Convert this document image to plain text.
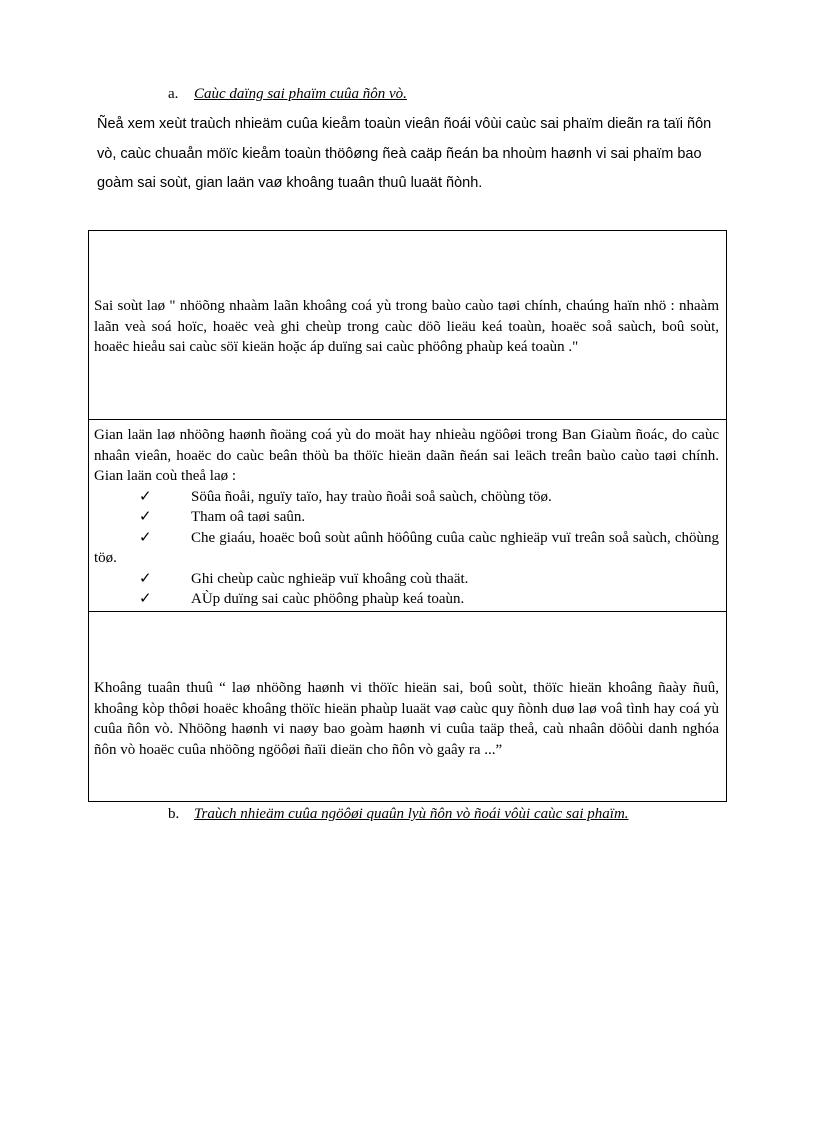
a. Caùc daïng sai phaïm cuûa ñôn vò.

Ñeå xem xeùt traùch nhieäm cuûa kieåm toaùn vieân ñoái vôùi caùc sai phaïm dieãn ra taïi ñôn vò, caùc chuaån möïc kieåm toaùn thöôøng ñeà caäp ñeán ba nhoùm haønh vi sai phaïm bao goàm sai soùt, gian laän vaø khoâng tuaân thuû luaät ñònh.

Sai soùt laø " nhöõng nhaàm laãn khoâng coá yù trong baùo caùo taøi chính, chaúng haïn nhö : nhaàm laãn veà soá hoïc, hoaëc veà ghi cheùp trong caùc döõ lieäu keá toaùn, hoaëc soå saùch, boû soùt, hoaëc hieåu sai caùc söï kieän hoặc áp duïng sai caùc phöông phaùp keá toaùn ."

Gian laän laø nhöõng haønh ñoäng coá yù do moät hay nhieàu ngöôøi trong Ban Giaùm ñoác, do caùc nhaân vieân, hoaëc do caùc beân thöù ba thöïc hieän daãn ñeán sai leäch treân baùo caùo taøi chính. Gian laän coù theå laø :
✓	Söûa ñoåi, nguïy taïo, hay traùo ñoåi soå saùch, chöùng töø.
✓	Tham oâ taøi saûn.
✓	Che giaáu, hoaëc boû soùt aûnh höôûng cuûa caùc nghieäp vuï treân soå saùch, chöùng töø.
✓	Ghi cheùp caùc nghieäp vuï khoâng coù thaät.
✓	AÙp duïng sai caùc phöông phaùp keá toaùn.

Khoâng tuaân thuû “ laø nhöõng haønh vi thöïc hieän sai, boû soùt, thöïc hieän khoâng ñaày ñuû, khoâng kòp thôøi hoaëc khoâng thöïc hieän phaùp luaät vaø caùc quy ñònh duø laø voâ tình hay coá yù cuûa ñôn vò. Nhöõng haønh vi naøy bao goàm haønh vi cuûa taäp theå, caù nhaân döôùi danh nghóa ñôn vò hoaëc cuûa nhöõng ngöôøi ñaïi dieän cho ñôn vò gaây ra ...”

b. Traùch nhieäm cuûa ngöôøi quaûn lyù ñôn vò ñoái vôùi caùc sai phaïm.
